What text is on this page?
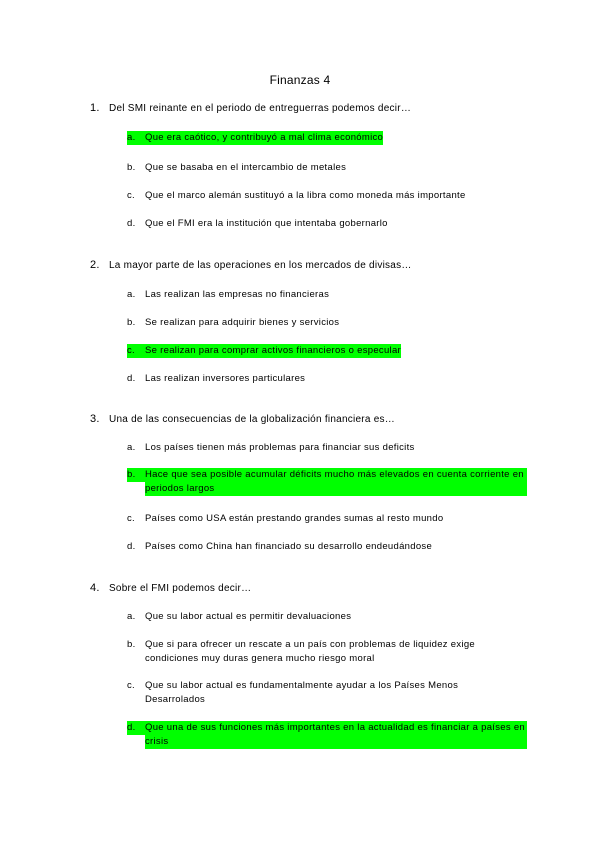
Finanzas 4
1. Del SMI reinante en el periodo de entreguerras podemos decir…
a. Que era caótico, y contribuyó a mal clima económico
b. Que se basaba en el intercambio de metales
c.	Que el marco alemán sustituyó a la libra como moneda más importante
d. Que el FMI era la institución que intentaba gobernarlo
2. La mayor parte de las operaciones en los mercados de divisas…
a. Las realizan las empresas no financieras
b. Se realizan para adquirir bienes y servicios
c.	Se realizan para comprar activos financieros o especular
d. Las realizan inversores particulares
3. Una de las consecuencias de la globalización financiera es…
a. Los países tienen más problemas para financiar sus deficits
b. Hace que sea posible acumular déficits mucho más elevados en cuenta corriente en periodos largos
c.	Países como USA están prestando grandes sumas al resto mundo
d. Países como China han financiado su desarrollo endeudándose
4. Sobre el FMI podemos decir…
a. Que su labor actual es permitir devaluaciones
b. Que si para ofrecer un rescate a un país con problemas de liquidez exige condiciones muy duras genera mucho riesgo moral
c.	Que su labor actual es fundamentalmente ayudar a los Países Menos Desarrolados
d. Que una de sus funciones más importantes en la actualidad es financiar a países en crisis
